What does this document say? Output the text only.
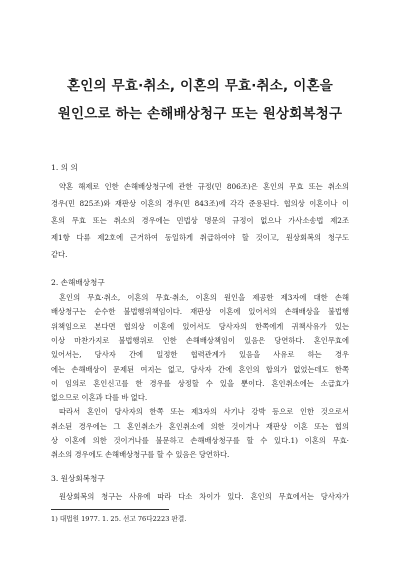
혼인의 무효·취소, 이혼의 무효·취소, 이혼을
원인으로 하는 손해배상청구 또는 원상회복청구
1. 의 의
약혼 해제로 인한 손해배상청구에 관한 규정(민 806조)은 혼인의 무효 또는 취소의
경우(민 825조)와 재판상 이혼의 경우(민 843조)에 각각 준용된다. 협의상 이혼이나 이
혼의 무효 또는 취소의 경우에는 민법상 명문의 규정이 없으나 가사소송법 제2조
제1항 다류 제2호에 근거하여 동일하게 취급하여야 할 것이고, 원상회복의 청구도
같다.
2. 손해배상청구
혼인의 무효·취소, 이혼의 무효·취소, 이혼의 원인을 제공한 제3자에 대한 손해
배상청구는 순수한 불법행위책임이다. 재판상 이혼에 있어서의 손해배상을 불법행
위책임으로 본다면 협의상 이혼에 있어서도 당사자의 한쪽에게 귀책사유가 있는
이상 마찬가지로 불법행위로 인한 손해배상책임이 있음은 당연하다. 혼인무효에
있어서는, 당사자 간에 일정한 협력관계가 있음을 사유로 하는 경우
에는 손해배상이 문제된 여지는 없고, 당사자 간에 혼인의 합의가 없었는데도 한쪽
이 임의로 혼인신고를 한 경우를 상정할 수 있을 뿐이다. 혼인취소에는 소급효가
없으므로 이혼과 다를 바 없다.
따라서 혼인이 당사자의 한쪽 또는 제3자의 사기나 강박 등으로 인한 것으로서
취소된 경우에는 그 혼인취소가 혼인취소에 의한 것이거나 재판상 이혼 또는 협의
상 이혼에 의한 것이거나를 불문하고 손해배상청구를 할 수 있다.1) 이혼의 무효·
취소의 경우에도 손해배상청구를 할 수 있음은 당연하다.
1) 대법원 1977. 1. 25. 선고 76다2223 판결.
3. 원상회복청구
원상회복의 청구는 사유에 따라 다소 차이가 있다. 혼인의 무효에서는 당사자가
